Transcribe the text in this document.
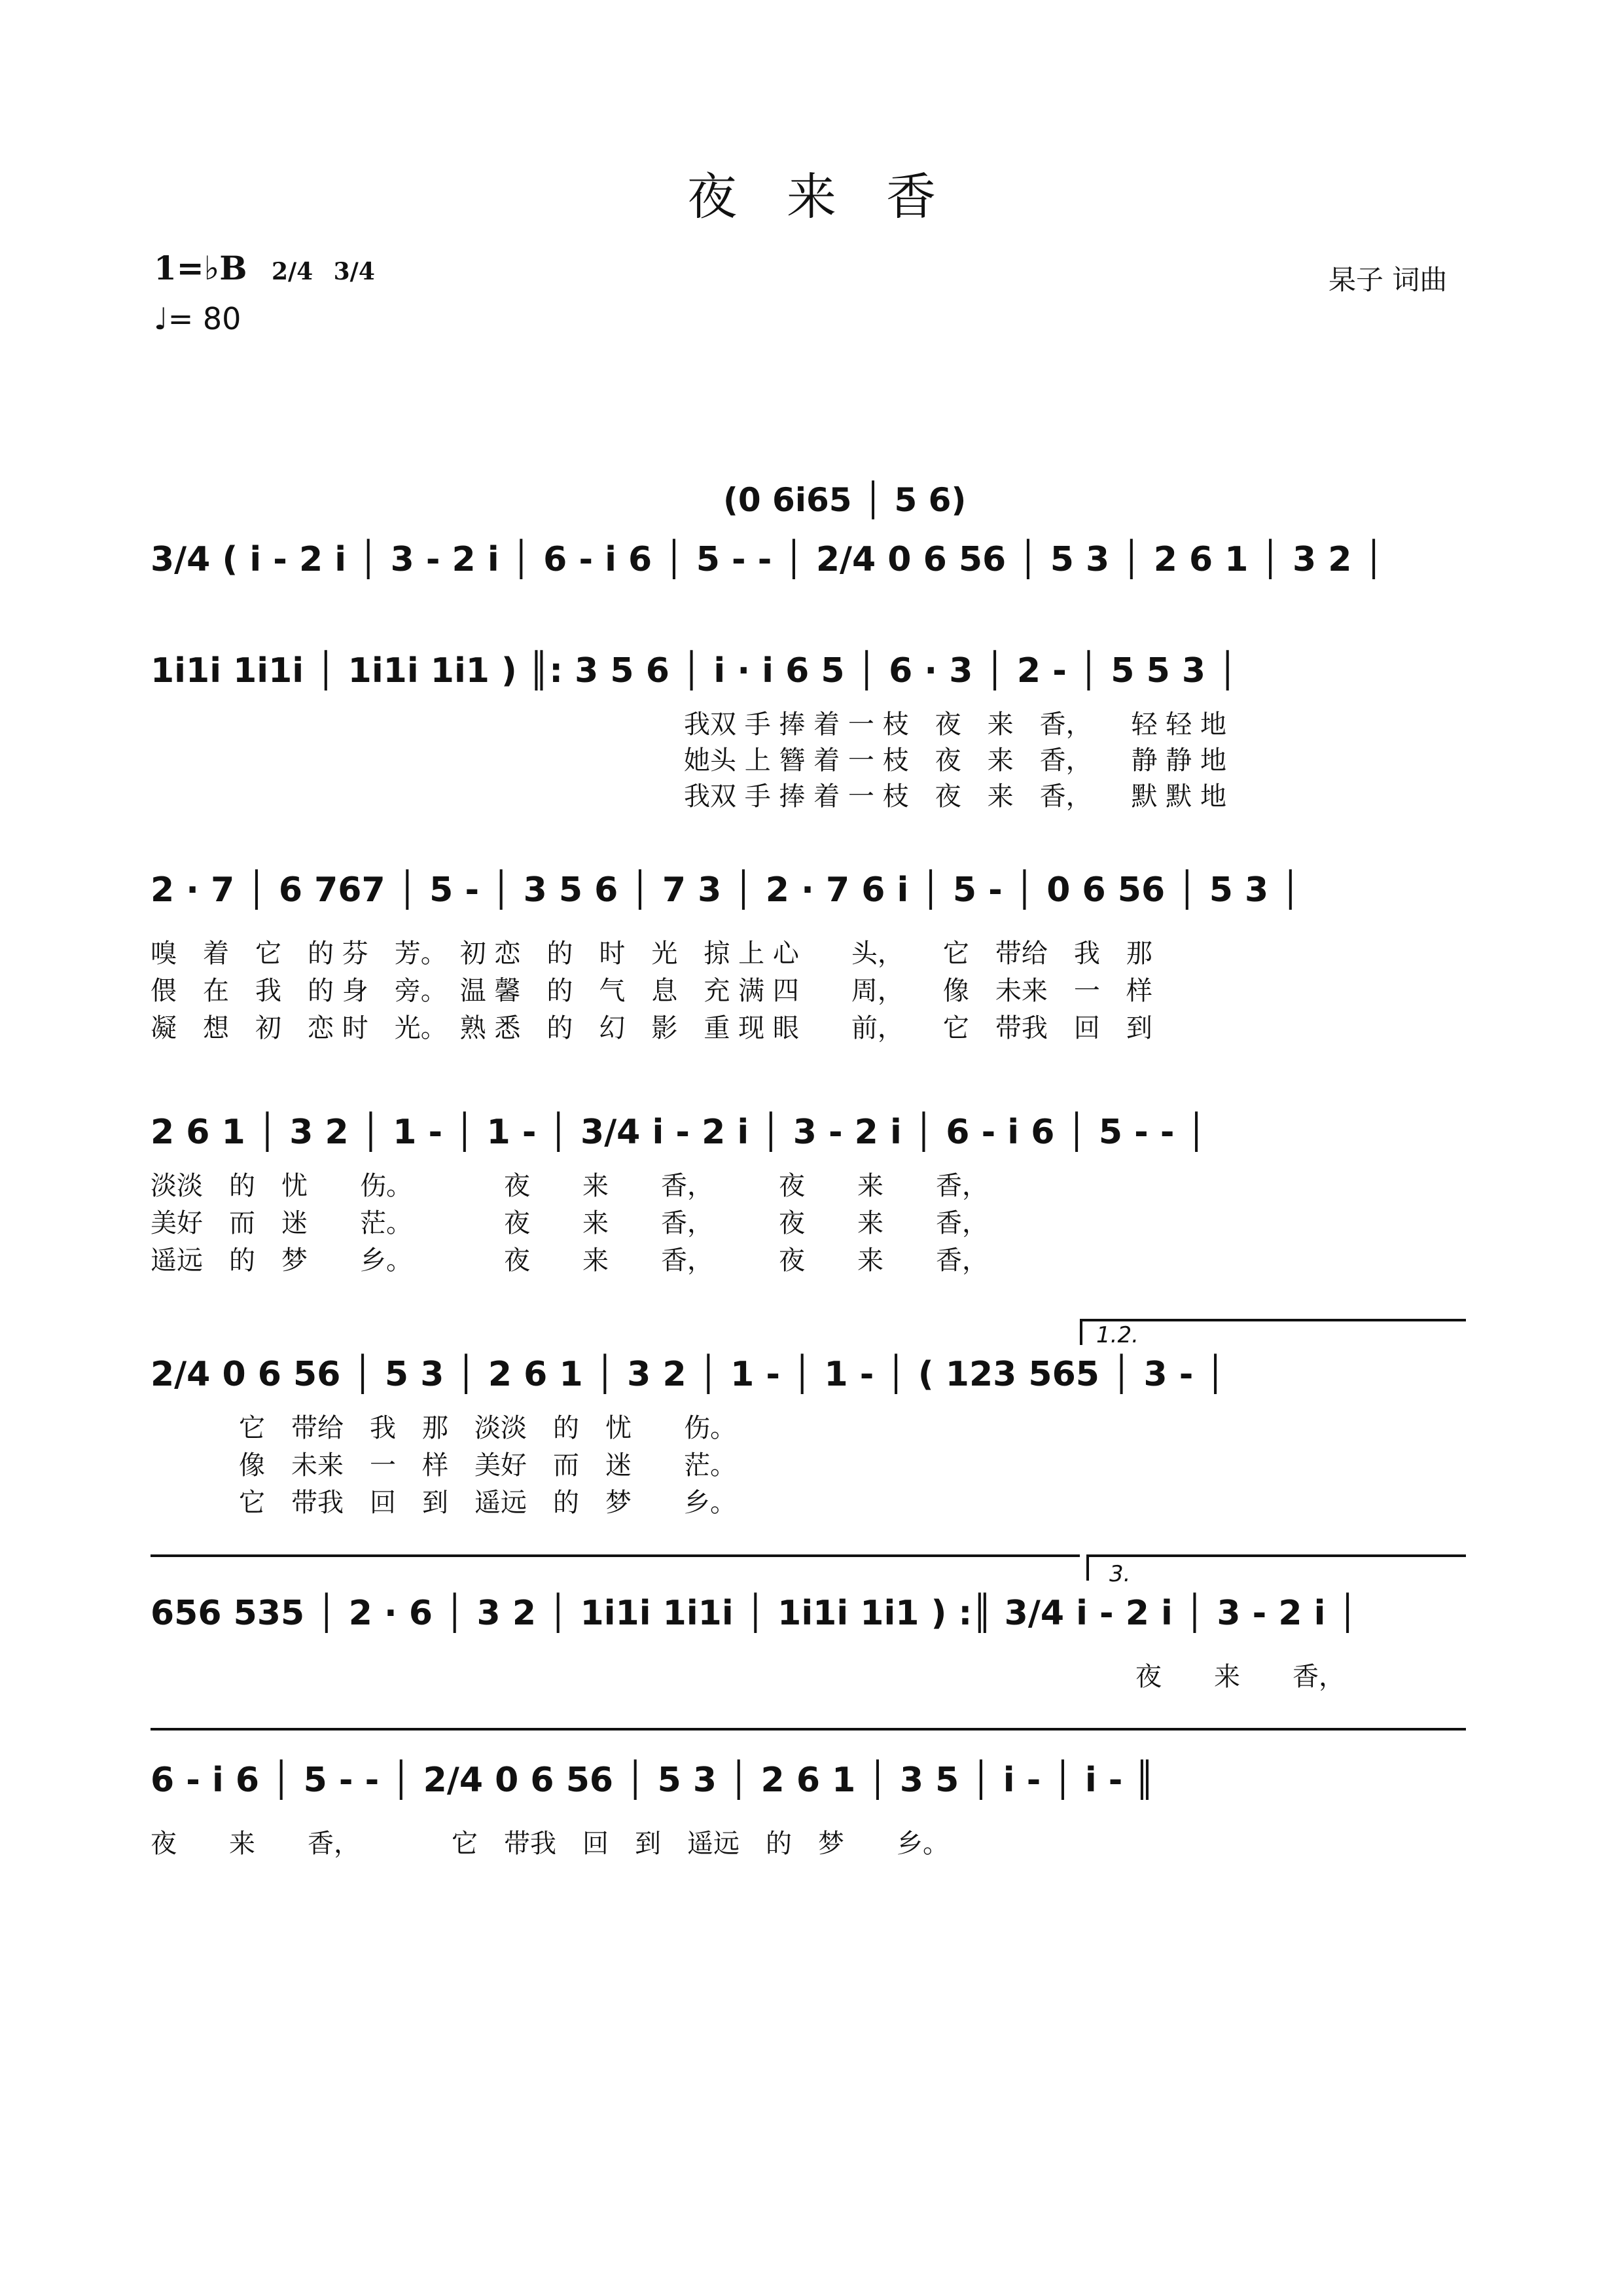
夜　来　香
1=♭B 2/4 3/4
♩= 80
杲子 词曲
(0 6i65 │ 5 6)
3/4 ( i - 2 i │ 3 - 2 i │ 6 - i 6 │ 5 - - │ 2/4 0 6 56 │ 5 3 │ 2 6 1 │ 3 2 │
1i1i 1i1i │ 1i1i 1i1 ) ║: 3 5 6 │ i · i 6 5 │ 6 · 3 │ 2 - │ 5 5 3 │
我双 手 捧 着 一 枝　夜　来　香，　　轻 轻 地
她头 上 簪 着 一 枝　夜　来　香，　　静 静 地
我双 手 捧 着 一 枝　夜　来　香，　　默 默 地
2 · 7 │ 6 767 │ 5 - │ 3 5 6 │ 7 3 │ 2 · 7 6 i │ 5 - │ 0 6 56 │ 5 3 │
嗅　着　它　的 芬　芳。　初 恋　的　时　光　掠 上 心　　头，　　它　带给　我　那
偎　在　我　的 身　旁。　温 馨　的　气　息　充 满 四　　周，　　像　未来　一　样
凝　想　初　恋 时　光。　熟 悉　的　幻　影　重 现 眼　　前，　　它　带我　回　到
2 6 1 │ 3 2 │ 1 - │ 1 - │ 3/4 i - 2 i │ 3 - 2 i │ 6 - i 6 │ 5 - - │
淡淡　的　忧　　伤。　　　　夜　　来　　香，　　　夜　　来　　香，
美好　而　迷　　茫。　　　　夜　　来　　香，　　　夜　　来　　香，
遥远　的　梦　　乡。　　　　夜　　来　　香，　　　夜　　来　　香，
1.2.
2/4 0 6 56 │ 5 3 │ 2 6 1 │ 3 2 │ 1 - │ 1 - │ ( 123 565 │ 3 - │
它　带给　我　那　淡淡　的　忧　　伤。
像　未来　一　样　美好　而　迷　　茫。
它　带我　回　到　遥远　的　梦　　乡。
3.
656 535 │ 2 · 6 │ 3 2 │ 1i1i 1i1i │ 1i1i 1i1 ) :║ 3/4 i - 2 i │ 3 - 2 i │
夜　　来　　香，
6 - i 6 │ 5 - - │ 2/4 0 6 56 │ 5 3 │ 2 6 1 │ 3 5 │ i - │ i - ║
夜　　来　　香，　　　　它　带我　回　到　遥远　的　梦　　乡。
